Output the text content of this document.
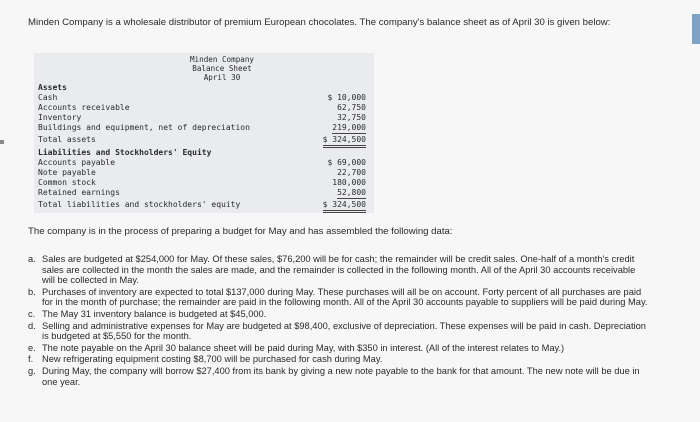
Minden Company is a wholesale distributor of premium European chocolates. The company's balance sheet as of April 30 is given below:
Minden Company
Balance Sheet
April 30
Assets
Cash	$ 10,000
Accounts receivable	62,750
Inventory	32,750
Buildings and equipment, net of depreciation	219,000
Total assets	$ 324,500
Liabilities and Stockholders' Equity
Accounts payable	$ 69,000
Note payable	22,700
Common stock	180,000
Retained earnings	52,800
Total liabilities and stockholders' equity	$ 324,500
The company is in the process of preparing a budget for May and has assembled the following data:
a. Sales are budgeted at $254,000 for May. Of these sales, $76,200 will be for cash; the remainder will be credit sales. One-half of a month's credit sales are collected in the month the sales are made, and the remainder is collected in the following month. All of the April 30 accounts receivable will be collected in May.
b. Purchases of inventory are expected to total $137,000 during May. These purchases will all be on account. Forty percent of all purchases are paid for in the month of purchase; the remainder are paid in the following month. All of the April 30 accounts payable to suppliers will be paid during May.
c. The May 31 inventory balance is budgeted at $45,000.
d. Selling and administrative expenses for May are budgeted at $98,400, exclusive of depreciation. These expenses will be paid in cash. Depreciation is budgeted at $5,550 for the month.
e. The note payable on the April 30 balance sheet will be paid during May, with $350 in interest. (All of the interest relates to May.)
f. New refrigerating equipment costing $8,700 will be purchased for cash during May.
g. During May, the company will borrow $27,400 from its bank by giving a new note payable to the bank for that amount. The new note will be due in one year.
